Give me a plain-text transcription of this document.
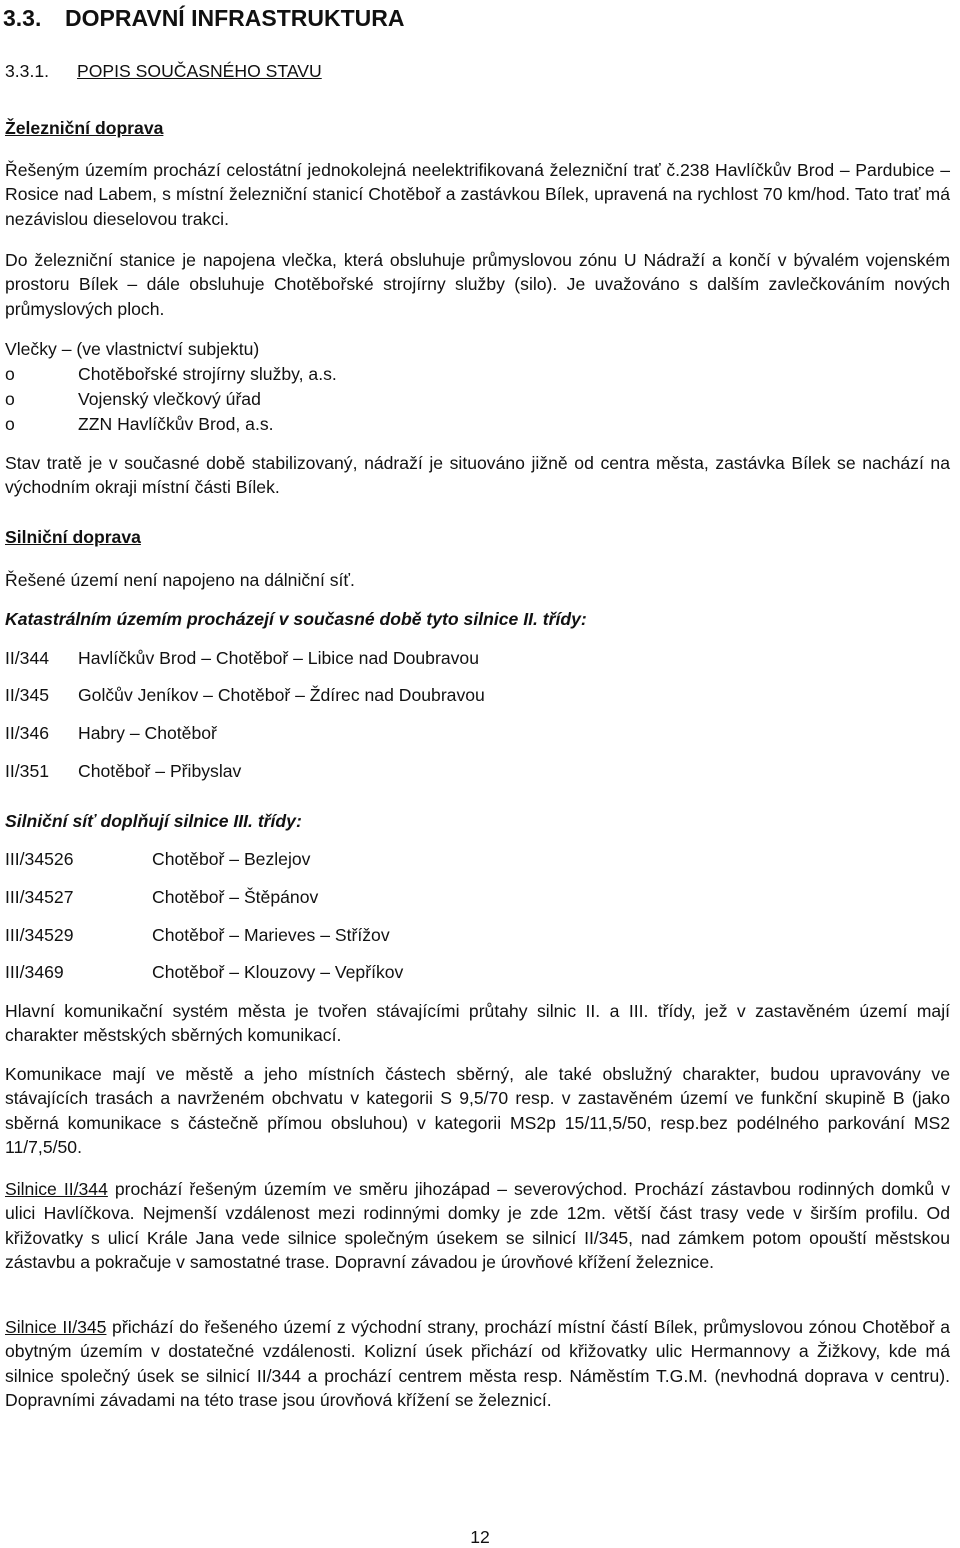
3.3. DOPRAVNÍ INFRASTRUKTURA
3.3.1. POPIS SOUČASNÉHO STAVU
Železniční doprava

Řešeným územím prochází celostátní jednokolejná neelektrifikovaná železniční trať č.238 Havlíčkův Brod – Pardubice – Rosice nad Labem, s místní železniční stanicí Chotěboř a zastávkou Bílek, upravená na rychlost 70 km/hod. Tato trať má nezávislou dieselovou trakci.

Do železniční stanice je napojena vlečka, která obsluhuje průmyslovou zónu U Nádraží a končí v bývalém vojenském prostoru Bílek – dále obsluhuje Chotěbořské strojírny služby (silo). Je uvažováno s dalším zavlečkováním nových průmyslových ploch.

Vlečky – (ve vlastnictví subjektu)
o	Chotěbořské strojírny služby, a.s.
o	Vojenský vlečkový úřad
o	ZZN Havlíčkův Brod, a.s.

Stav tratě je v současné době stabilizovaný, nádraží je situováno jižně od centra města, zastávka Bílek se nachází na východním okraji místní části Bílek.

Silniční doprava
Řešené území není napojeno na dálniční síť.
Katastrálním územím procházejí v současné době tyto silnice II. třídy:
II/344 Havlíčkův Brod – Chotěboř – Libice nad Doubravou
II/345 Golčův Jeníkov – Chotěboř – Ždírec nad Doubravou
II/346 Habry – Chotěboř
II/351 Chotěboř – Přibyslav
Silniční síť doplňují silnice III. třídy:
III/34526	Chotěboř – Bezlejov
III/34527	Chotěboř – Štěpánov
III/34529	Chotěboř – Marieves – Střížov
III/3469	Chotěboř – Klouzovy – Vepříkov

Hlavní komunikační systém města je tvořen stávajícími průtahy silnic II. a III. třídy, jež v zastavěném území mají charakter městských sběrných komunikací.

Komunikace mají ve městě a jeho místních částech sběrný, ale také obslužný charakter, budou upravovány ve stávajících trasách a navrženém obchvatu v kategorii S 9,5/70 resp. v zastavěném území ve funkční skupině B (jako sběrná komunikace s částečně přímou obsluhou) v kategorii MS2p 15/11,5/50, resp.bez podélného parkování MS2 11/7,5/50.

Silnice II/344 prochází řešeným územím ve směru jihozápad – severovýchod. Prochází zástavbou rodinných domků v ulici Havlíčkova. Nejmenší vzdálenost mezi rodinnými domky je zde 12m. větší část trasy vede v širším profilu. Od křižovatky s ulicí Krále Jana vede silnice společným úsekem se silnicí II/345, nad zámkem potom opouští městskou zástavbu a pokračuje v samostatné trase. Dopravní závadou je úrovňové křížení železnice.

Silnice II/345 přichází do řešeného území z východní strany, prochází místní částí Bílek, průmyslovou zónou Chotěboř a obytným územím v dostatečné vzdálenosti. Kolizní úsek přichází od křižovatky ulic Hermannovy a Žižkovy, kde má silnice společný úsek se silnicí II/344 a prochází centrem města resp. Náměstím T.G.M. (nevhodná doprava v centru). Dopravními závadami na této trase jsou úrovňová křížení se železnicí.

12
